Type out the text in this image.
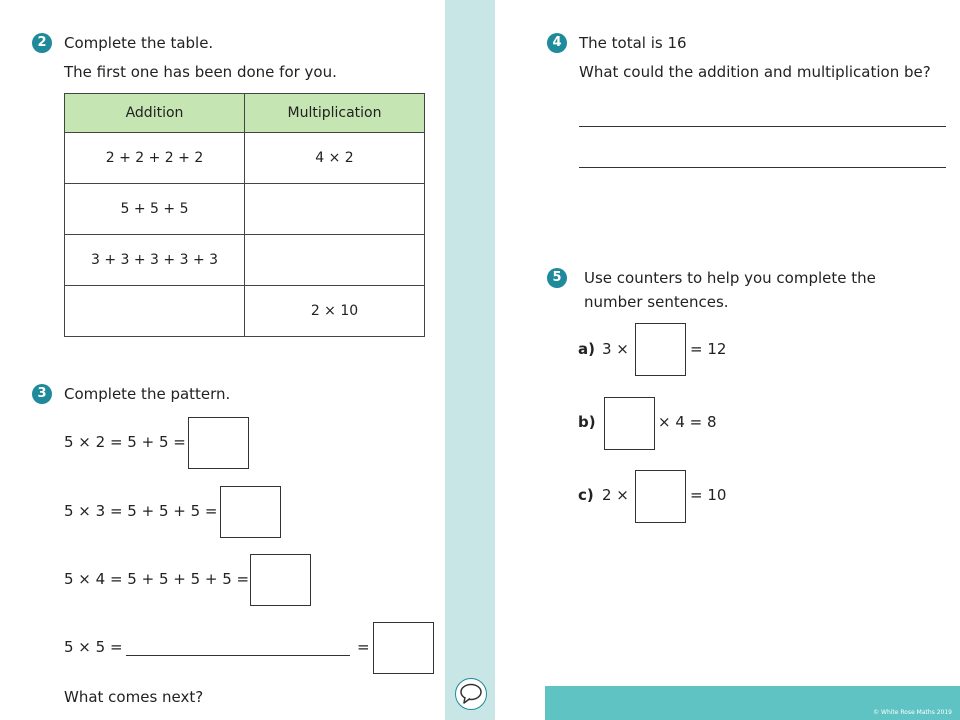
2	Complete the table.
The first one has been done for you.
Addition	Multiplication
2 + 2 + 2 + 2	4 × 2
5 + 5 + 5	
3 + 3 + 3 + 3 + 3	
	2 × 10
3	Complete the pattern.
5 × 2 = 5 + 5 =
5 × 3 = 5 + 5 + 5 =
5 × 4 = 5 + 5 + 5 + 5 =
5 × 5 =	=
What comes next?
4	The total is 16
What could the addition and multiplication be?
5	Use counters to help you complete the
number sentences.
a) 3 ×	= 12
b)	× 4 = 8
c) 2 ×	= 10
© White Rose Maths 2019
